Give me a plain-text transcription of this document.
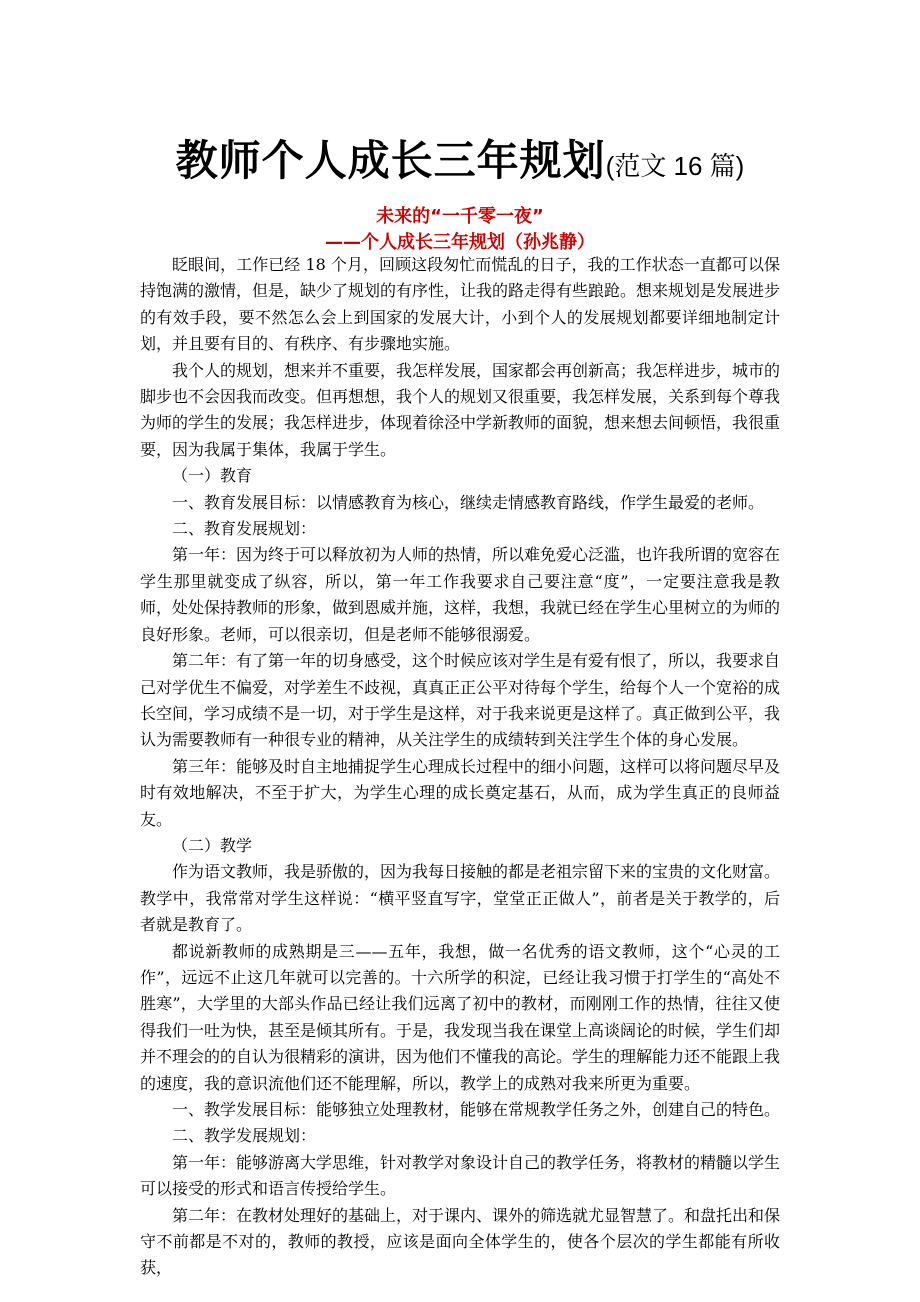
教师个人成长三年规划(范文 16 篇)
未来的“一千零一夜”
——个人成长三年规划（孙兆静）

眨眼间，工作已经 18 个月，回顾这段匆忙而慌乱的日子，我的工作状态一直都可以保持饱满的激情，但是，缺少了规划的有序性，让我的路走得有些踉跄。想来规划是发展进步的有效手段，要不然怎么会上到国家的发展大计，小到个人的发展规划都要详细地制定计划，并且要有目的、有秩序、有步骤地实施。

我个人的规划，想来并不重要，我怎样发展，国家都会再创新高；我怎样进步，城市的脚步也不会因我而改变。但再想想，我个人的规划又很重要，我怎样发展，关系到每个尊我为师的学生的发展；我怎样进步，体现着徐泾中学新教师的面貌，想来想去间顿悟，我很重要，因为我属于集体，我属于学生。

（一）教育

一、教育发展目标：以情感教育为核心，继续走情感教育路线，作学生最爱的老师。

二、教育发展规划：

第一年：因为终于可以释放初为人师的热情，所以难免爱心泛滥，也许我所谓的宽容在学生那里就变成了纵容，所以，第一年工作我要求自己要注意“度”，一定要注意我是教师，处处保持教师的形象，做到恩威并施，这样，我想，我就已经在学生心里树立的为师的良好形象。老师，可以很亲切，但是老师不能够很溺爱。

第二年：有了第一年的切身感受，这个时候应该对学生是有爱有恨了，所以，我要求自己对学优生不偏爱，对学差生不歧视，真真正正公平对待每个学生，给每个人一个宽裕的成长空间，学习成绩不是一切，对于学生是这样，对于我来说更是这样了。真正做到公平，我认为需要教师有一种很专业的精神，从关注学生的成绩转到关注学生个体的身心发展。

第三年：能够及时自主地捕捉学生心理成长过程中的细小问题，这样可以将问题尽早及时有效地解决，不至于扩大，为学生心理的成长奠定基石，从而，成为学生真正的良师益友。

（二）教学

作为语文教师，我是骄傲的，因为我每日接触的都是老祖宗留下来的宝贵的文化财富。教学中，我常常对学生这样说：“横平竖直写字，堂堂正正做人”，前者是关于教学的，后者就是教育了。

都说新教师的成熟期是三——五年，我想，做一名优秀的语文教师，这个“心灵的工作”，远远不止这几年就可以完善的。十六所学的积淀，已经让我习惯于打学生的“高处不胜寒”，大学里的大部头作品已经让我们远离了初中的教材，而刚刚工作的热情，往往又使得我们一吐为快，甚至是倾其所有。于是，我发现当我在课堂上高谈阔论的时候，学生们却并不理会的的自认为很精彩的演讲，因为他们不懂我的高论。学生的理解能力还不能跟上我的速度，我的意识流他们还不能理解，所以，教学上的成熟对我来所更为重要。

一、教学发展目标：能够独立处理教材，能够在常规教学任务之外，创建自己的特色。

二、教学发展规划：

第一年：能够游离大学思维，针对教学对象设计自己的教学任务，将教材的精髓以学生可以接受的形式和语言传授给学生。

第二年：在教材处理好的基础上，对于课内、课外的筛选就尤显智慧了。和盘托出和保守不前都是不对的，教师的教授，应该是面向全体学生的，使各个层次的学生都能有所收获，
